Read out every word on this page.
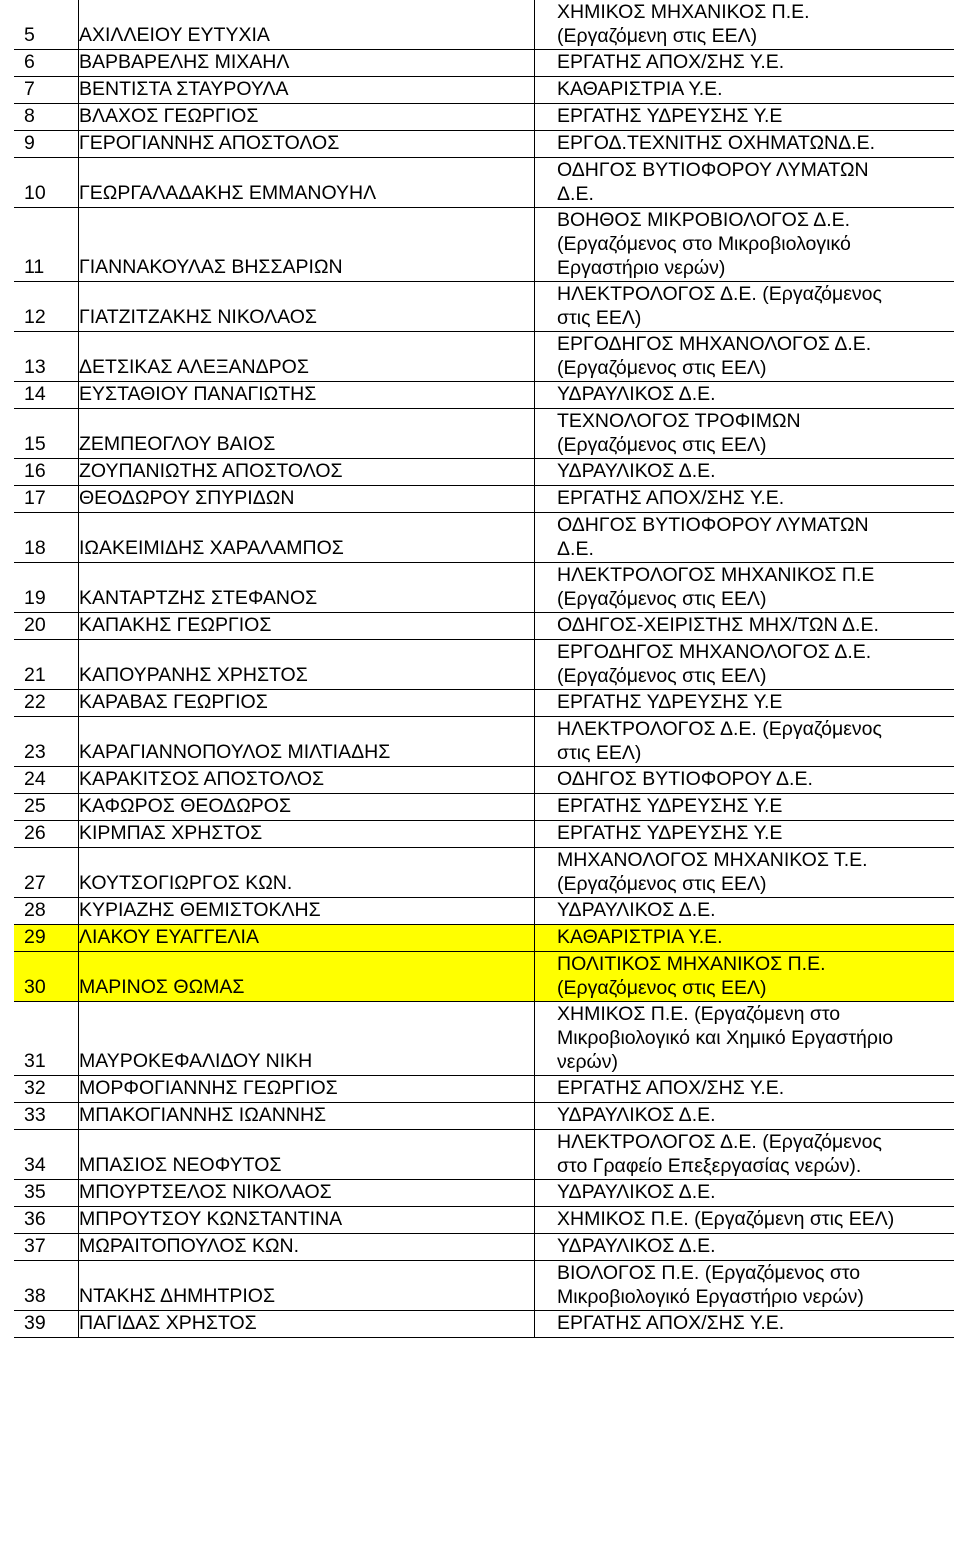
5	ΑΧΙΛΛΕΙΟΥ ΕΥΤΥΧΙΑ	ΧΗΜΙΚΟΣ ΜΗΧΑΝΙΚΟΣ Π.Ε.
(Εργαζόμενη στις ΕΕΛ)

6	ΒΑΡΒΑΡΕΛΗΣ ΜΙΧΑΗΛ	ΕΡΓΑΤΗΣ ΑΠΟΧ/ΣΗΣ Υ.Ε.

7	ΒΕΝΤΙΣΤΑ ΣΤΑΥΡΟΥΛΑ	ΚΑΘΑΡΙΣΤΡΙΑ Υ.Ε.

8	ΒΛΑΧΟΣ ΓΕΩΡΓΙΟΣ	ΕΡΓΑΤΗΣ ΥΔΡΕΥΣΗΣ Υ.Ε

9	ΓΕΡΟΓΙΑΝΝΗΣ ΑΠΟΣΤΟΛΟΣ	ΕΡΓΟΔ.ΤΕΧΝΙΤΗΣ ΟΧΗΜΑΤΩΝΔ.Ε.

10	ΓΕΩΡΓΑΛΑΔΑΚΗΣ ΕΜΜΑΝΟΥΗΛ	ΟΔΗΓΟΣ ΒΥΤΙΟΦΟΡΟΥ ΛΥΜΑΤΩΝ
Δ.Ε.

11	ΓΙΑΝΝΑΚΟΥΛΑΣ ΒΗΣΣΑΡΙΩΝ	ΒΟΗΘΟΣ ΜΙΚΡΟΒΙΟΛΟΓΟΣ Δ.Ε.
(Εργαζόμενος στο Μικροβιολογικό
Εργαστήριο νερών)

12	ΓΙΑΤΖΙΤΖΑΚΗΣ ΝΙΚΟΛΑΟΣ	ΗΛΕΚΤΡΟΛΟΓΟΣ Δ.Ε. (Εργαζόμενος
στις ΕΕΛ)

13	ΔΕΤΣΙΚΑΣ ΑΛΕΞΑΝΔΡΟΣ	ΕΡΓΟΔΗΓΟΣ ΜΗΧΑΝΟΛΟΓΟΣ Δ.Ε.
(Εργαζόμενος στις ΕΕΛ)

14	ΕΥΣΤΑΘΙΟΥ ΠΑΝΑΓΙΩΤΗΣ	ΥΔΡΑΥΛΙΚΟΣ Δ.Ε.

15	ΖΕΜΠΕΟΓΛΟΥ ΒΑΙΟΣ	ΤΕΧΝΟΛΟΓΟΣ ΤΡΟΦΙΜΩΝ
(Εργαζόμενος στις ΕΕΛ)

16	ΖΟΥΠΑΝΙΩΤΗΣ ΑΠΟΣΤΟΛΟΣ	ΥΔΡΑΥΛΙΚΟΣ Δ.Ε.

17	ΘΕΟΔΩΡΟΥ ΣΠΥΡΙΔΩΝ	ΕΡΓΑΤΗΣ ΑΠΟΧ/ΣΗΣ Υ.Ε.

18	ΙΩΑΚΕΙΜΙΔΗΣ ΧΑΡΑΛΑΜΠΟΣ	ΟΔΗΓΟΣ ΒΥΤΙΟΦΟΡΟΥ ΛΥΜΑΤΩΝ
Δ.Ε.

19	ΚΑΝΤΑΡΤΖΗΣ ΣΤΕΦΑΝΟΣ	ΗΛΕΚΤΡΟΛΟΓΟΣ ΜΗΧΑΝΙΚΟΣ Π.Ε
(Εργαζόμενος στις ΕΕΛ)

20	ΚΑΠΑΚΗΣ ΓΕΩΡΓΙΟΣ	ΟΔΗΓΟΣ-ΧΕΙΡΙΣΤΗΣ ΜΗΧ/ΤΩΝ Δ.Ε.

21	ΚΑΠΟΥΡΑΝΗΣ ΧΡΗΣΤΟΣ	ΕΡΓΟΔΗΓΟΣ ΜΗΧΑΝΟΛΟΓΟΣ Δ.Ε.
(Εργαζόμενος στις ΕΕΛ)

22	ΚΑΡΑΒΑΣ ΓΕΩΡΓΙΟΣ	ΕΡΓΑΤΗΣ ΥΔΡΕΥΣΗΣ Υ.Ε

23	ΚΑΡΑΓΙΑΝΝΟΠΟΥΛΟΣ ΜΙΛΤΙΑΔΗΣ	ΗΛΕΚΤΡΟΛΟΓΟΣ Δ.Ε. (Εργαζόμενος
στις ΕΕΛ)

24	ΚΑΡΑΚΙΤΣΟΣ ΑΠΟΣΤΟΛΟΣ	ΟΔΗΓΟΣ ΒΥΤΙΟΦΟΡΟΥ Δ.Ε.

25	ΚΑΦΩΡΟΣ ΘΕΟΔΩΡΟΣ	ΕΡΓΑΤΗΣ ΥΔΡΕΥΣΗΣ Υ.Ε

26	ΚΙΡΜΠΑΣ ΧΡΗΣΤΟΣ	ΕΡΓΑΤΗΣ ΥΔΡΕΥΣΗΣ Υ.Ε

27	ΚΟΥΤΣΟΓΙΩΡΓΟΣ ΚΩΝ.	ΜΗΧΑΝΟΛΟΓΟΣ ΜΗΧΑΝΙΚΟΣ Τ.Ε.
(Εργαζόμενος στις ΕΕΛ)

28	ΚΥΡΙΑΖΗΣ ΘΕΜΙΣΤΟΚΛΗΣ	ΥΔΡΑΥΛΙΚΟΣ Δ.Ε.

29	ΛΙΑΚΟΥ ΕΥΑΓΓΕΛΙΑ	ΚΑΘΑΡΙΣΤΡΙΑ Υ.Ε.

30	ΜΑΡΙΝΟΣ ΘΩΜΑΣ	ΠΟΛΙΤΙΚΟΣ ΜΗΧΑΝΙΚΟΣ Π.Ε.
(Εργαζόμενος στις ΕΕΛ)

31	ΜΑΥΡΟΚΕΦΑΛΙΔΟΥ ΝΙΚΗ	ΧΗΜΙΚΟΣ Π.Ε. (Εργαζόμενη στο
Μικροβιολογικό και Χημικό Εργαστήριο
νερών)

32	ΜΟΡΦΟΓΙΑΝΝΗΣ ΓΕΩΡΓΙΟΣ	ΕΡΓΑΤΗΣ ΑΠΟΧ/ΣΗΣ Υ.Ε.

33	ΜΠΑΚΟΓΙΑΝΝΗΣ ΙΩΑΝΝΗΣ	ΥΔΡΑΥΛΙΚΟΣ Δ.Ε.

34	ΜΠΑΣΙΟΣ ΝΕΟΦΥΤΟΣ	ΗΛΕΚΤΡΟΛΟΓΟΣ Δ.Ε. (Εργαζόμενος
στο Γραφείο Επεξεργασίας νερών).

35	ΜΠΟΥΡΤΣΕΛΟΣ ΝΙΚΟΛΑΟΣ	ΥΔΡΑΥΛΙΚΟΣ Δ.Ε.

36	ΜΠΡΟΥΤΣΟΥ ΚΩΝΣΤΑΝΤΙΝΑ	ΧΗΜΙΚΟΣ Π.Ε. (Εργαζόμενη στις ΕΕΛ)

37	ΜΩΡΑΙΤΟΠΟΥΛΟΣ ΚΩΝ.	ΥΔΡΑΥΛΙΚΟΣ Δ.Ε.

38	ΝΤΑΚΗΣ ΔΗΜΗΤΡΙΟΣ	ΒΙΟΛΟΓΟΣ Π.Ε. (Εργαζόμενος στο
Μικροβιολογικό Εργαστήριο νερών)

39	ΠΑΓΙΔΑΣ ΧΡΗΣΤΟΣ	ΕΡΓΑΤΗΣ ΑΠΟΧ/ΣΗΣ Υ.Ε.
